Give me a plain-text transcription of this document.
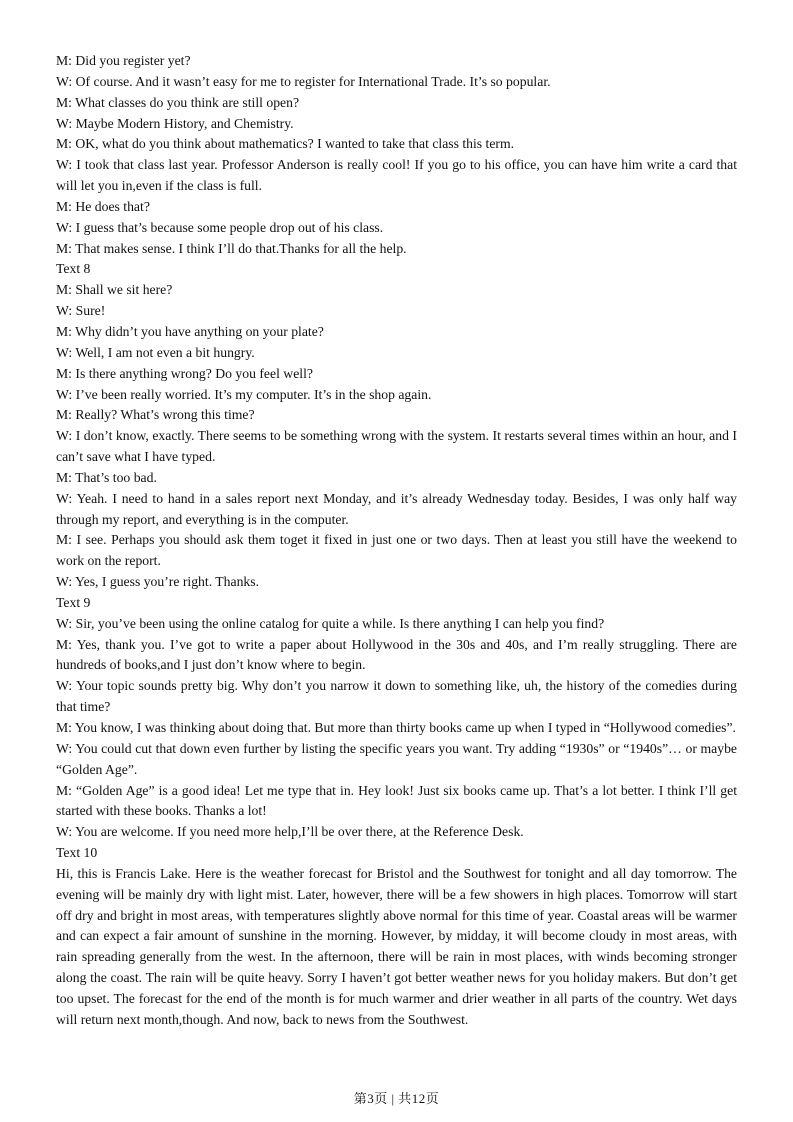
M: Did you register yet?
W: Of course. And it wasn’t easy for me to register for International Trade. It’s so popular.
M: What classes do you think are still open?
W: Maybe Modern History, and Chemistry.
M: OK, what do you think about mathematics? I wanted to take that class this term.
W: I took that class last year. Professor Anderson is really cool! If you go to his office, you can have him write a card that will let you in,even if the class is full.
M: He does that?
W: I guess that’s because some people drop out of his class.
M: That makes sense. I think I’ll do that.Thanks for all the help.
Text 8
M: Shall we sit here?
W: Sure!
M: Why didn’t you have anything on your plate?
W: Well, I am not even a bit hungry.
M: Is there anything wrong? Do you feel well?
W: I’ve been really worried. It’s my computer. It’s in the shop again.
M: Really? What’s wrong this time?
W: I don’t know, exactly. There seems to be something wrong with the system. It restarts several times within an hour, and I can’t save what I have typed.
M: That’s too bad.
W: Yeah. I need to hand in a sales report next Monday, and it’s already Wednesday today. Besides, I was only half way through my report, and everything is in the computer.
M: I see. Perhaps you should ask them toget it fixed in just one or two days. Then at least you still have the weekend to work on the report.
W: Yes, I guess you’re right. Thanks.
Text 9
W: Sir, you’ve been using the online catalog for quite a while. Is there anything I can help you find?
M: Yes, thank you. I’ve got to write a paper about Hollywood in the 30s and 40s, and I’m really struggling. There are hundreds of books,and I just don’t know where to begin.
W: Your topic sounds pretty big. Why don’t you narrow it down to something like, uh, the history of the comedies during that time?
M: You know, I was thinking about doing that. But more than thirty books came up when I typed in “Hollywood comedies”.
W: You could cut that down even further by listing the specific years you want. Try adding “1930s” or “1940s”… or maybe “Golden Age”.
M: “Golden Age” is a good idea! Let me type that in. Hey look! Just six books came up. That’s a lot better. I think I’ll get started with these books. Thanks a lot!
W: You are welcome. If you need more help,I’ll be over there, at the Reference Desk.
Text 10
Hi, this is Francis Lake. Here is the weather forecast for Bristol and the Southwest for tonight and all day tomorrow. The evening will be mainly dry with light mist. Later, however, there will be a few showers in high places. Tomorrow will start off dry and bright in most areas, with temperatures slightly above normal for this time of year. Coastal areas will be warmer and can expect a fair amount of sunshine in the morning. However, by midday, it will become cloudy in most areas, with rain spreading generally from the west. In the afternoon, there will be rain in most places, with winds becoming stronger along the coast. The rain will be quite heavy. Sorry I haven’t got better weather news for you holiday makers. But don’t get too upset. The forecast for the end of the month is for much warmer and drier weather in all parts of the country. Wet days will return next month,though. And now, back to news from the Southwest.
第3页 | 共12页
